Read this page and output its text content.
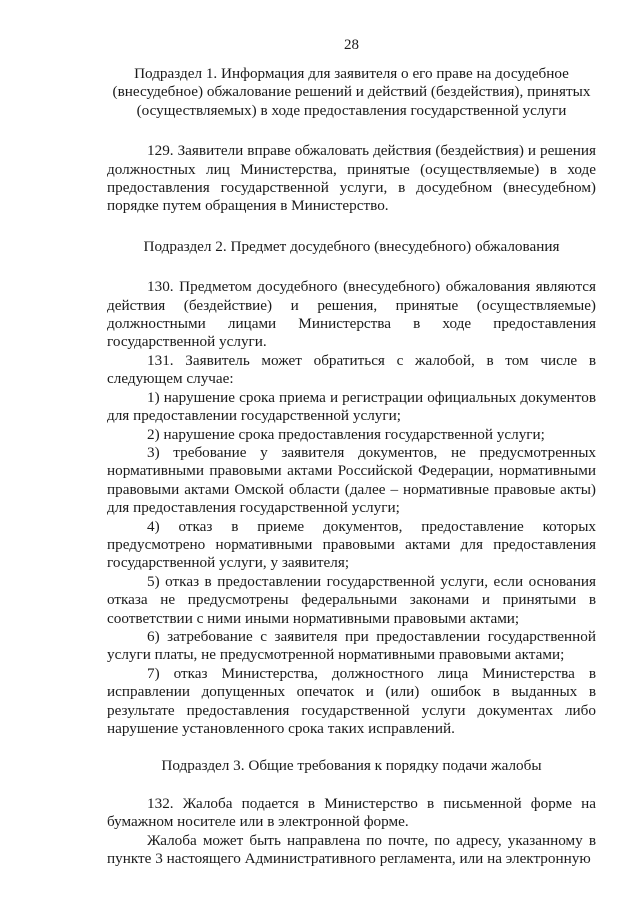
28
Подраздел 1. Информация для заявителя о его праве на досудебное (внесудебное) обжалование решений и действий (бездействия), принятых (осуществляемых) в ходе предоставления государственной услуги

129. Заявители вправе обжаловать действия (бездействия) и решения должностных лиц Министерства, принятые (осуществляемые) в ходе предоставления государственной услуги, в досудебном (внесудебном) порядке путем обращения в Министерство.

Подраздел 2. Предмет досудебного (внесудебного) обжалования

130. Предметом досудебного (внесудебного) обжалования являются действия (бездействие) и решения, принятые (осуществляемые) должностными лицами Министерства в ходе предоставления государственной услуги.

131. Заявитель может обратиться с жалобой, в том числе в следующем случае:

1) нарушение срока приема и регистрации официальных документов для предоставлении государственной услуги;

2) нарушение срока предоставления государственной услуги;

3) требование у заявителя документов, не предусмотренных нормативными правовыми актами Российской Федерации, нормативными правовыми актами Омской области (далее – нормативные правовые акты) для предоставления государственной услуги;

4) отказ в приеме документов, предоставление которых предусмотрено нормативными правовыми актами для предоставления государственной услуги, у заявителя;

5) отказ в предоставлении государственной услуги, если основания отказа не предусмотрены федеральными законами и принятыми в соответствии с ними иными нормативными правовыми актами;

6) затребование с заявителя при предоставлении государственной услуги платы, не предусмотренной нормативными правовыми актами;

7) отказ Министерства, должностного лица Министерства в исправлении допущенных опечаток и (или) ошибок в выданных в результате предоставления государственной услуги документах либо нарушение установленного срока таких исправлений.

Подраздел 3. Общие требования к порядку подачи жалобы

132. Жалоба подается в Министерство в письменной форме на бумажном носителе или в электронной форме.

Жалоба может быть направлена по почте, по адресу, указанному в пункте 3 настоящего Административного регламента, или на электронную
